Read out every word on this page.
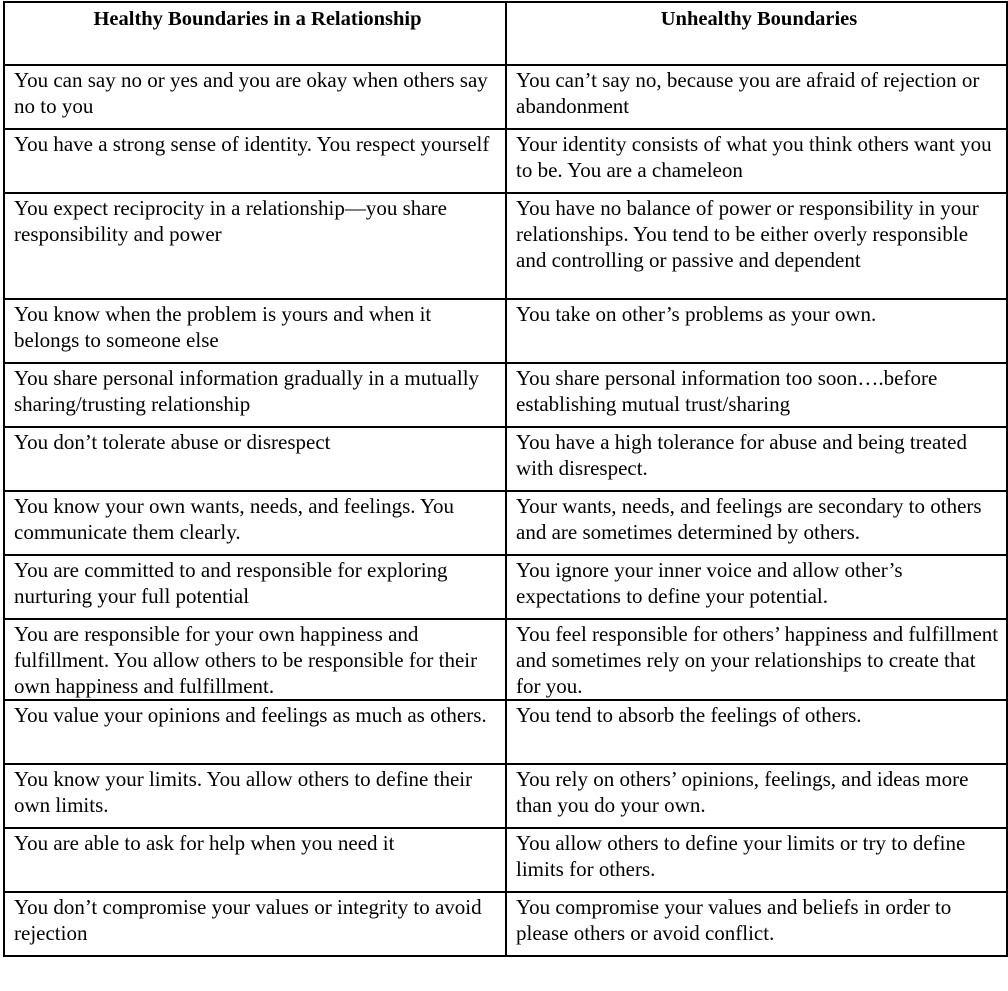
Healthy Boundaries in a Relationship	Unhealthy Boundaries

You can say no or yes and you are okay when others say no to you	You can’t say no, because you are afraid of rejection or abandonment

You have a strong sense of identity. You respect yourself	Your identity consists of what you think others want you to be. You are a chameleon

You expect reciprocity in a relationship—you share responsibility and power	You have no balance of power or responsibility in your relationships. You tend to be either overly responsible and controlling or passive and dependent

You know when the problem is yours and when it belongs to someone else	You take on other’s problems as your own.

You share personal information gradually in a mutually sharing/trusting relationship	You share personal information too soon….before establishing mutual trust/sharing

You don’t tolerate abuse or disrespect	You have a high tolerance for abuse and being treated with disrespect.

You know your own wants, needs, and feelings. You communicate them clearly.	Your wants, needs, and feelings are secondary to others and are sometimes determined by others.

You are committed to and responsible for exploring nurturing your full potential	You ignore your inner voice and allow other’s expectations to define your potential.

You are responsible for your own happiness and fulfillment. You allow others to be responsible for their own happiness and fulfillment.	You feel responsible for others’ happiness and fulfillment and sometimes rely on your relationships to create that for you.

You value your opinions and feelings as much as others.	You tend to absorb the feelings of others.

You know your limits. You allow others to define their own limits.	You rely on others’ opinions, feelings, and ideas more than you do your own.

You are able to ask for help when you need it	You allow others to define your limits or try to define limits for others.

You don’t compromise your values or integrity to avoid rejection	You compromise your values and beliefs in order to please others or avoid conflict.
